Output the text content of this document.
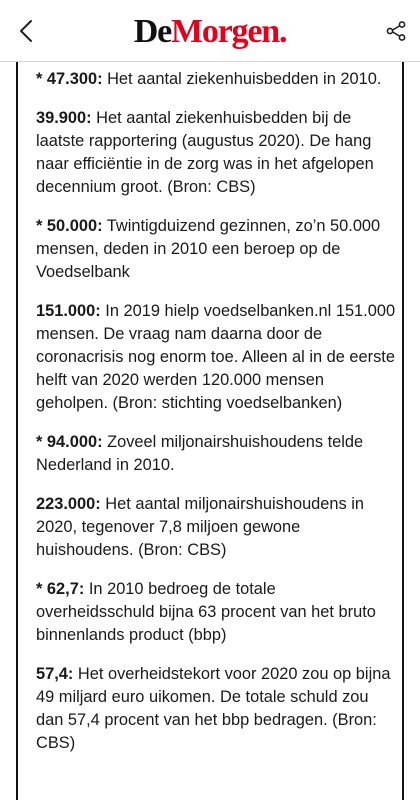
DeMorgen.

* 47.300: Het aantal ziekenhuisbedden in 2010.

39.900: Het aantal ziekenhuisbedden bij de laatste rapportering (augustus 2020). De hang naar efficiëntie in de zorg was in het afgelopen decennium groot. (Bron: CBS)

* 50.000: Twintigduizend gezinnen, zo’n 50.000 mensen, deden in 2010 een beroep op de Voedselbank

151.000: In 2019 hielp voedselbanken.nl 151.000 mensen. De vraag nam daarna door de coronacrisis nog enorm toe. Alleen al in de eerste helft van 2020 werden 120.000 mensen geholpen. (Bron: stichting voedselbanken)

* 94.000: Zoveel miljonairshuishoudens telde Nederland in 2010.

223.000: Het aantal miljonairshuishoudens in 2020, tegenover 7,8 miljoen gewone huishoudens. (Bron: CBS)

* 62,7: In 2010 bedroeg de totale overheidsschuld bijna 63 procent van het bruto binnenlands product (bbp)

57,4: Het overheidstekort voor 2020 zou op bijna 49 miljard euro uikomen. De totale schuld zou dan 57,4 procent van het bbp bedragen. (Bron: CBS)
